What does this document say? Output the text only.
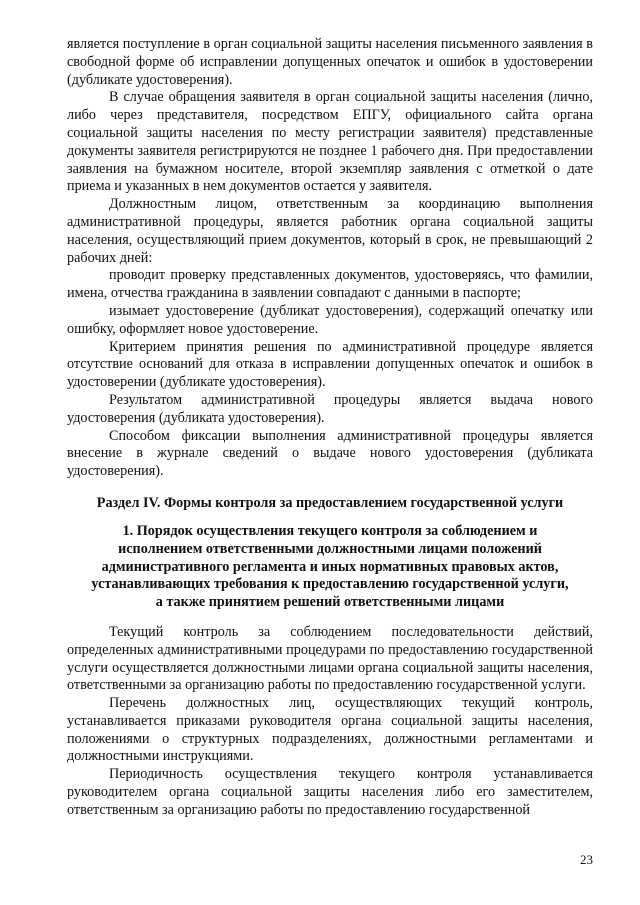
является поступление в орган социальной защиты населения письменного заявления в свободной форме об исправлении допущенных опечаток и ошибок в удостоверении (дубликате удостоверения).

В случае обращения заявителя в орган социальной защиты населения (лично, либо через представителя, посредством ЕПГУ, официального сайта органа социальной защиты населения по месту регистрации заявителя) представленные документы заявителя регистрируются не позднее 1 рабочего дня. При предоставлении заявления на бумажном носителе, второй экземпляр заявления с отметкой о дате приема и указанных в нем документов остается у заявителя.

Должностным лицом, ответственным за координацию выполнения административной процедуры, является работник органа социальной защиты населения, осуществляющий прием документов, который в срок, не превышающий 2 рабочих дней:

проводит проверку представленных документов, удостоверяясь, что фамилии, имена, отчества гражданина в заявлении совпадают с данными в паспорте;

изымает удостоверение (дубликат удостоверения), содержащий опечатку или ошибку, оформляет новое удостоверение.

Критерием принятия решения по административной процедуре является отсутствие оснований для отказа в исправлении допущенных опечаток и ошибок в удостоверении (дубликате удостоверения).

Результатом административной процедуры является выдача нового удостоверения (дубликата удостоверения).

Способом фиксации выполнения административной процедуры является внесение в журнале сведений о выдаче нового удостоверения (дубликата удостоверения).

Раздел IV. Формы контроля за предоставлением государственной услуги
1. Порядок осуществления текущего контроля за соблюдением и исполнением ответственными должностными лицами положений административного регламента и иных нормативных правовых актов, устанавливающих требования к предоставлению государственной услуги, а также принятием решений ответственными лицами

Текущий контроль за соблюдением последовательности действий, определенных административными процедурами по предоставлению государственной услуги осуществляется должностными лицами органа социальной защиты населения, ответственными за организацию работы по предоставлению государственной услуги.

Перечень должностных лиц, осуществляющих текущий контроль, устанавливается приказами руководителя органа социальной защиты населения, положениями о структурных подразделениях, должностными регламентами и должностными инструкциями.

Периодичность осуществления текущего контроля устанавливается руководителем органа социальной защиты населения либо его заместителем, ответственным за организацию работы по предоставлению государственной

23
